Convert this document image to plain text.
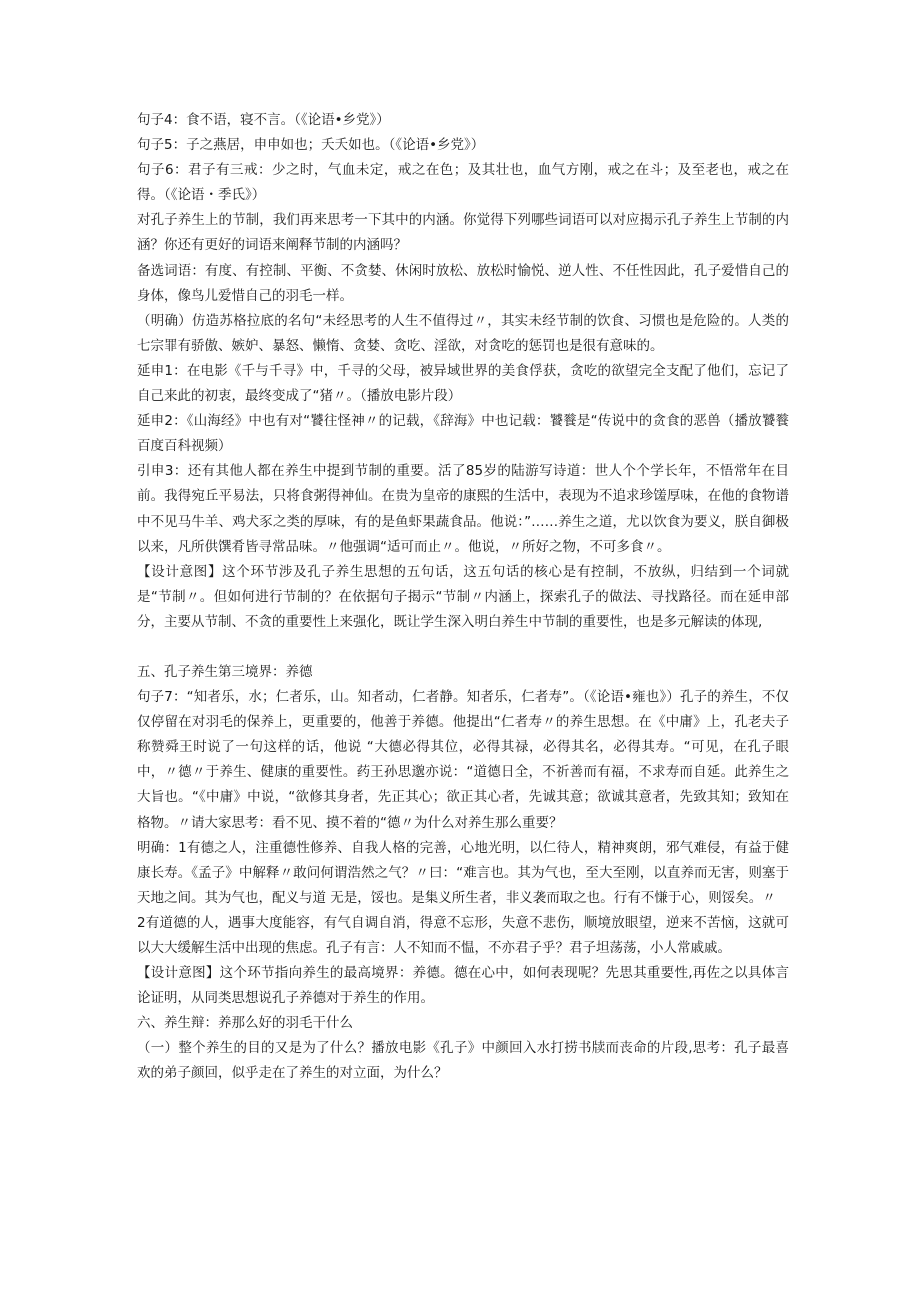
句子4：食不语，寝不言。（《论语•乡党》）

句子5：子之燕居，申申如也；夭夭如也。（《论语•乡党》）

句子6：君子有三戒：少之时，气血未定，戒之在色；及其壮也，血气方刚，戒之在斗；及至老也，戒之在得。（《论语・季氏》）

对孔子养生上的节制，我们再来思考一下其中的内涵。你觉得下列哪些词语可以对应揭示孔子养生上节制的内涵？你还有更好的词语来阐释节制的内涵吗？

备选词语：有度、有控制、平衡、不贪婪、休闲时放松、放松时愉悦、逆人性、不任性因此，孔子爱惜自己的身体，像鸟儿爱惜自己的羽毛一样。

（明确）仿造苏格拉底的名句“未经思考的人生不值得过〃，其实未经节制的饮食、习惯也是危险的。人类的七宗罪有骄傲、嫉妒、暴怒、懒惰、贪婪、贪吃、淫欲，对贪吃的惩罚也是很有意味的。

延申1：在电影《千与千寻》中，千寻的父母，被异域世界的美食俘获，贪吃的欲望完全支配了他们，忘记了自己来此的初衷，最终变成了“猪〃。（播放电影片段）

延申2：《山海经》中也有对“饕往怪神〃的记载，《辞海》中也记载：饕餮是“传说中的贪食的恶兽（播放饕餮百度百科视频）

引申3：还有其他人都在养生中提到节制的重要。活了85岁的陆游写诗道：世人个个学长年，不悟常年在目前。我得宛丘平易法，只将食粥得神仙。在贵为皇帝的康熙的生活中，表现为不追求珍馐厚味，在他的食物谱中不见马牛羊、鸡犬豕之类的厚味，有的是鱼虾果蔬食品。他说：”……养生之道，尤以饮食为要义，朕自御极以来，凡所供馔肴皆寻常品味。〃他强调“适可而止〃。他说，〃所好之物，不可多食〃。

【设计意图】这个环节涉及孔子养生思想的五句话，这五句话的核心是有控制，不放纵，归结到一个词就是“节制〃。但如何进行节制的？在依据句子揭示“节制〃内涵上，探索孔子的做法、寻找路径。而在延申部分，主要从节制、不贪的重要性上来强化，既让学生深入明白养生中节制的重要性，也是多元解读的体现,

五、孔子养生第三境界：养德

句子7：“知者乐，水；仁者乐，山。知者动，仁者静。知者乐，仁者寿”。（《论语•雍也》）孔子的养生，不仅仅停留在对羽毛的保养上，更重要的，他善于养德。他提出“仁者寿〃的养生思想。在《中庸》上，孔老夫子称赞舜王时说了一句这样的话，他说 “大德必得其位，必得其禄，必得其名，必得其寿。“可见，在孔子眼中，〃德〃于养生、健康的重要性。药王孙思邈亦说：“道德日全，不祈善而有福，不求寿而自延。此养生之大旨也。“《中庸》中说，“欲修其身者，先正其心；欲正其心者，先诚其意；欲诚其意者，先致其知；致知在格物。〃请大家思考：看不见、摸不着的“德〃为什么对养生那么重要？

明确：1有德之人，注重德性修养、自我人格的完善，心地光明，以仁待人，精神爽朗，邪气难侵，有益于健康长寿。《孟子》中解释〃敢问何谓浩然之气？〃曰：“难言也。其为气也，至大至刚，以直养而无害，则塞于天地之间。其为气也，配义与道 无是，馁也。是集义所生者，非义袭而取之也。行有不慊于心，则馁矣。〃

2有道德的人，遇事大度能容，有气自调自消，得意不忘形，失意不悲伤，顺境放眼望，逆来不苦恼，这就可以大大缓解生活中出现的焦虑。孔子有言：人不知而不愠，不亦君子乎？君子坦荡荡，小人常戚戚。

【设计意图】这个环节指向养生的最高境界：养德。德在心中，如何表现呢？先思其重要性,再佐之以具体言论证明，从同类思想说孔子养德对于养生的作用。

六、养生辩：养那么好的羽毛干什么

（一）整个养生的目的又是为了什么？播放电影《孔子》中颜回入水打捞书牍而丧命的片段,思考：孔子最喜欢的弟子颜回，似乎走在了养生的对立面，为什么？
